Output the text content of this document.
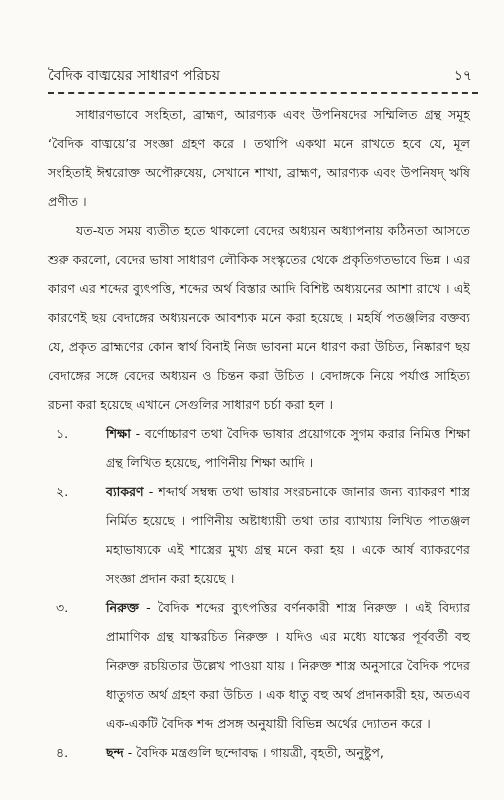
বৈদিক বাঙ্ময়ের সাধারণ পরিচয়	১৭

সাধারণভাবে সংহিতা, ব্রাহ্মণ, আরণ্যক এবং উপনিষদের সম্মিলিত গ্রন্থ সমূহ ‘বৈদিক বাঙ্ময়ে’র সংজ্ঞা গ্রহণ করে । তথাপি একথা মনে রাখতে হবে যে, মূল সংহিতাই ঈশ্বরোক্ত অপৌরুষেয়, সেখানে শাখা, ব্রাহ্মণ, আরণ্যক এবং উপনিষদ্ ঋষি প্রণীত ।

যত-যত সময় ব্যতীত হতে থাকলো বেদের অধ্যয়ন অধ্যাপনায় কঠিনতা আসতে শুরু করলো, বেদের ভাষা সাধারণ লৌকিক সংস্কৃতের থেকে প্রকৃতিগতভাবে ভিন্ন । এর কারণ এর শব্দের ব্যুৎপত্তি, শব্দের অর্থ বিস্তার আদি বিশিষ্ট অধ্যয়নের আশা রাখে । এই কারণেই ছয় বেদাঙ্গের অধ্যয়নকে আবশ্যক মনে করা হয়েছে । মহর্ষি পতঞ্জলির বক্তব্য যে, প্রকৃত ব্রাহ্মণের কোন স্বার্থ বিনাই নিজ ভাবনা মনে ধারণ করা উচিত, নিষ্কারণ ছয় বেদাঙ্গের সঙ্গে বেদের অধ্যয়ন ও চিন্তন করা উচিত । বেদাঙ্গকে নিয়ে পর্যাপ্ত সাহিত্য রচনা করা হয়েছে এখানে সেগুলির সাধারণ চর্চা করা হল ।

১.	শিক্ষা - বর্ণোচ্চারণ তথা বৈদিক ভাষার প্রয়োগকে সুগম করার নিমিত্ত শিক্ষা গ্রন্থ লিখিত হয়েছে, পাণিনীয় শিক্ষা আদি ।

২.	ব্যাকরণ - শব্দার্থ সম্বন্ধ তথা ভাষার সংরচনাকে জানার জন্য ব্যাকরণ শাস্ত্র নির্মিত হয়েছে । পাণিনীয় অষ্টাধ্যায়ী তথা তার ব্যাখ্যায় লিখিত পাতঞ্জল মহাভাষ্যকে এই শাস্ত্রের মুখ্য গ্রন্থ মনে করা হয় । একে আর্ষ ব্যাকরণের সংজ্ঞা প্রদান করা হয়েছে ।

৩.	নিরুক্ত - বৈদিক শব্দের ব্যুৎপত্তির বর্ণনকারী শাস্ত্র নিরুক্ত । এই বিদ্যার প্রামাণিক গ্রন্থ যাস্করচিত নিরুক্ত । যদিও এর মধ্যে যাস্কের পূর্ববর্তী বহু নিরুক্ত রচয়িতার উল্লেখ পাওয়া যায় । নিরুক্ত শাস্ত্র অনুসারে বৈদিক পদের ধাতুগত অর্থ গ্রহণ করা উচিত । এক ধাতু বহু অর্থ প্রদানকারী হয়, অতএব এক-একটি বৈদিক শব্দ প্রসঙ্গ অনুযায়ী বিভিন্ন অর্থের দ্যোতন করে ।

৪.	ছন্দ - বৈদিক মন্ত্রগুলি ছন্দোবদ্ধ । গায়ত্রী, বৃহতী, অনুষ্টুপ,
